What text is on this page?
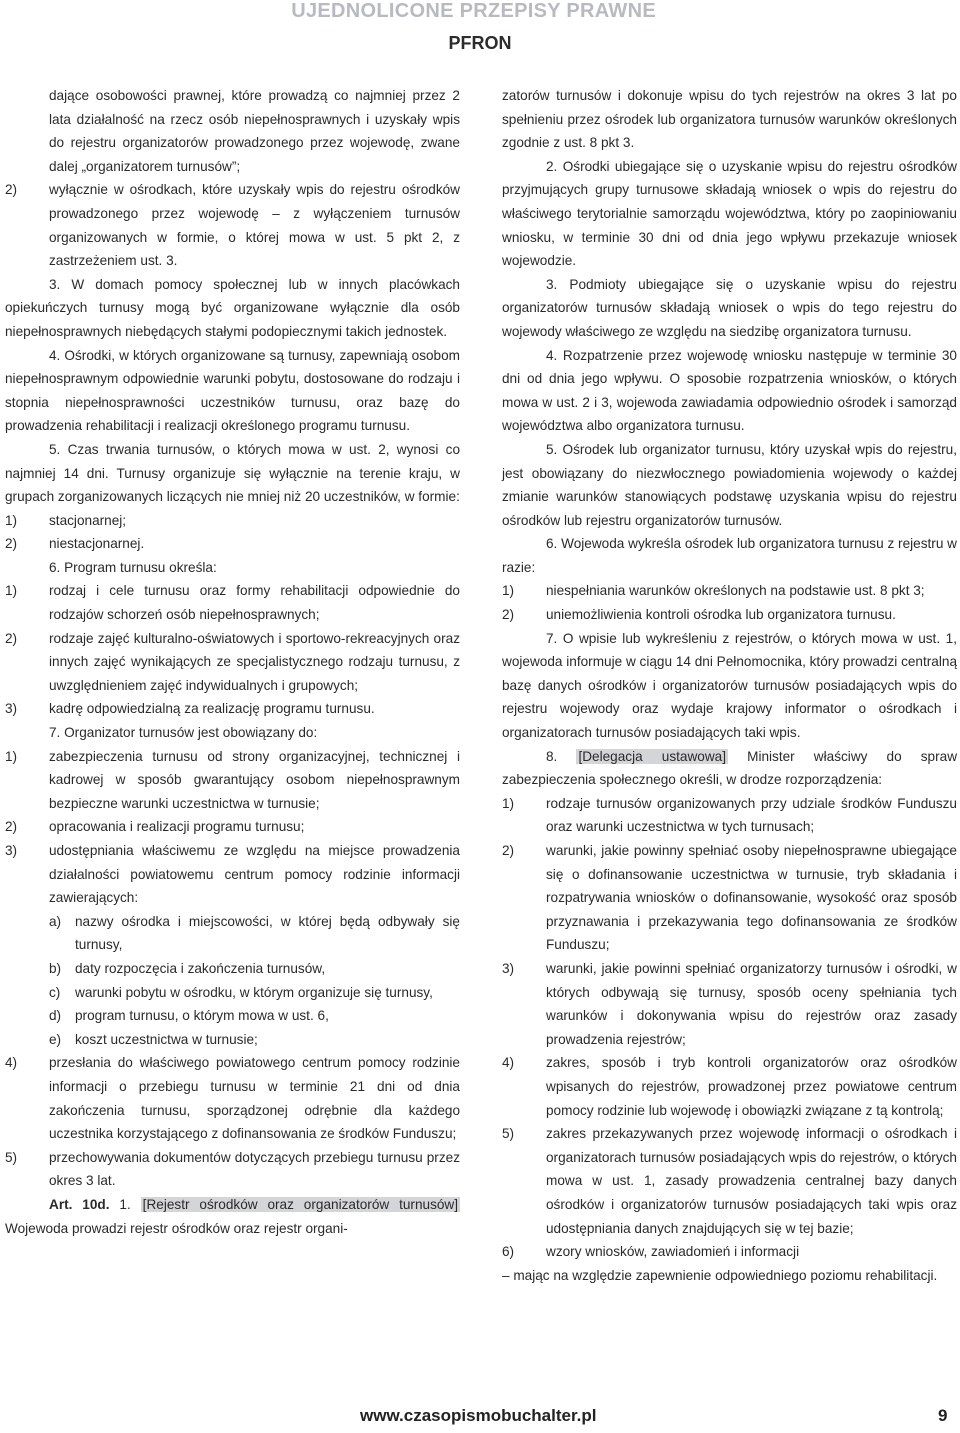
UJEDNOLICONE PRZEPISY PRAWNE
PFRON

dające osobowości prawnej, które prowadzą co najmniej przez 2 lata działalność na rzecz osób niepełnosprawnych i uzyskały wpis do rejestru organizatorów prowadzonego przez wojewodę, zwane dalej „organizatorem turnusów”;

2) wyłącznie w ośrodkach, które uzyskały wpis do rejestru ośrodków prowadzonego przez wojewodę – z wyłączeniem turnusów organizowanych w formie, o której mowa w ust. 5 pkt 2, z zastrzeżeniem ust. 3.

3. W domach pomocy społecznej lub w innych placówkach opiekuńczych turnusy mogą być organizowane wyłącznie dla osób niepełnosprawnych niebędących stałymi podopiecznymi takich jednostek.

4. Ośrodki, w których organizowane są turnusy, zapewniają osobom niepełnosprawnym odpowiednie warunki pobytu, dostosowane do rodzaju i stopnia niepełnosprawności uczestników turnusu, oraz bazę do prowadzenia rehabilitacji i realizacji określonego programu turnusu.

5. Czas trwania turnusów, o których mowa w ust. 2, wynosi co najmniej 14 dni. Turnusy organizuje się wyłącznie na terenie kraju, w grupach zorganizowanych liczących nie mniej niż 20 uczestników, w formie:

1) stacjonarnej;

2) niestacjonarnej.

6. Program turnusu określa:

1) rodzaj i cele turnusu oraz formy rehabilitacji odpowiednie do rodzajów schorzeń osób niepełnosprawnych;

2) rodzaje zajęć kulturalno-oświatowych i sportowo-rekreacyjnych oraz innych zajęć wynikających ze specjalistycznego rodzaju turnusu, z uwzględnieniem zajęć indywidualnych i grupowych;

3) kadrę odpowiedzialną za realizację programu turnusu.

7. Organizator turnusów jest obowiązany do:

1) zabezpieczenia turnusu od strony organizacyjnej, technicznej i kadrowej w sposób gwarantujący osobom niepełnosprawnym bezpieczne warunki uczestnictwa w turnusie;

2) opracowania i realizacji programu turnusu;

3) udostępniania właściwemu ze względu na miejsce prowadzenia działalności powiatowemu centrum pomocy rodzinie informacji zawierających:

a) nazwy ośrodka i miejscowości, w której będą odbywały się turnusy,

b) daty rozpoczęcia i zakończenia turnusów,

c) warunki pobytu w ośrodku, w którym organizuje się turnusy,

d) program turnusu, o którym mowa w ust. 6,

e) koszt uczestnictwa w turnusie;

4) przesłania do właściwego powiatowego centrum pomocy rodzinie informacji o przebiegu turnusu w terminie 21 dni od dnia zakończenia turnusu, sporządzonej odrębnie dla każdego uczestnika korzystającego z dofinansowania ze środków Funduszu;

5) przechowywania dokumentów dotyczących przebiegu turnusu przez okres 3 lat.

Art. 10d. 1. [Rejestr ośrodków oraz organizatorów turnusów] Wojewoda prowadzi rejestr ośrodków oraz rejestr organi-

zatorów turnusów i dokonuje wpisu do tych rejestrów na okres 3 lat po spełnieniu przez ośrodek lub organizatora turnusów warunków określonych zgodnie z ust. 8 pkt 3.

2. Ośrodki ubiegające się o uzyskanie wpisu do rejestru ośrodków przyjmujących grupy turnusowe składają wniosek o wpis do rejestru do właściwego terytorialnie samorządu województwa, który po zaopiniowaniu wniosku, w terminie 30 dni od dnia jego wpływu przekazuje wniosek wojewodzie.

3. Podmioty ubiegające się o uzyskanie wpisu do rejestru organizatorów turnusów składają wniosek o wpis do tego rejestru do wojewody właściwego ze względu na siedzibę organizatora turnusu.

4. Rozpatrzenie przez wojewodę wniosku następuje w terminie 30 dni od dnia jego wpływu. O sposobie rozpatrzenia wniosków, o których mowa w ust. 2 i 3, wojewoda zawiadamia odpowiednio ośrodek i samorząd województwa albo organizatora turnusu.

5. Ośrodek lub organizator turnusu, który uzyskał wpis do rejestru, jest obowiązany do niezwłocznego powiadomienia wojewody o każdej zmianie warunków stanowiących podstawę uzyskania wpisu do rejestru ośrodków lub rejestru organizatorów turnusów.

6. Wojewoda wykreśla ośrodek lub organizatora turnusu z rejestru w razie:

1) niespełniania warunków określonych na podstawie ust. 8 pkt 3;

2) uniemożliwienia kontroli ośrodka lub organizatora turnusu.

7. O wpisie lub wykreśleniu z rejestrów, o których mowa w ust. 1, wojewoda informuje w ciągu 14 dni Pełnomocnika, który prowadzi centralną bazę danych ośrodków i organizatorów turnusów posiadających wpis do rejestru wojewody oraz wydaje krajowy informator o ośrodkach i organizatorach turnusów posiadających taki wpis.

8. [Delegacja ustawowa] Minister właściwy do spraw zabezpieczenia społecznego określi, w drodze rozporządzenia:

1) rodzaje turnusów organizowanych przy udziale środków Funduszu oraz warunki uczestnictwa w tych turnusach;

2) warunki, jakie powinny spełniać osoby niepełnosprawne ubiegające się o dofinansowanie uczestnictwa w turnusie, tryb składania i rozpatrywania wniosków o dofinansowanie, wysokość oraz sposób przyznawania i przekazywania tego dofinansowania ze środków Funduszu;

3) warunki, jakie powinni spełniać organizatorzy turnusów i ośrodki, w których odbywają się turnusy, sposób oceny spełniania tych warunków i dokonywania wpisu do rejestrów oraz zasady prowadzenia rejestrów;

4) zakres, sposób i tryb kontroli organizatorów oraz ośrodków wpisanych do rejestrów, prowadzonej przez powiatowe centrum pomocy rodzinie lub wojewodę i obowiązki związane z tą kontrolą;

5) zakres przekazywanych przez wojewodę informacji o ośrodkach i organizatorach turnusów posiadających wpis do rejestrów, o których mowa w ust. 1, zasady prowadzenia centralnej bazy danych ośrodków i organizatorów turnusów posiadających taki wpis oraz udostępniania danych znajdujących się w tej bazie;

6) wzory wniosków, zawiadomień i informacji

– mając na względzie zapewnienie odpowiedniego poziomu rehabilitacji.

www.czasopismobuchalter.pl	9
